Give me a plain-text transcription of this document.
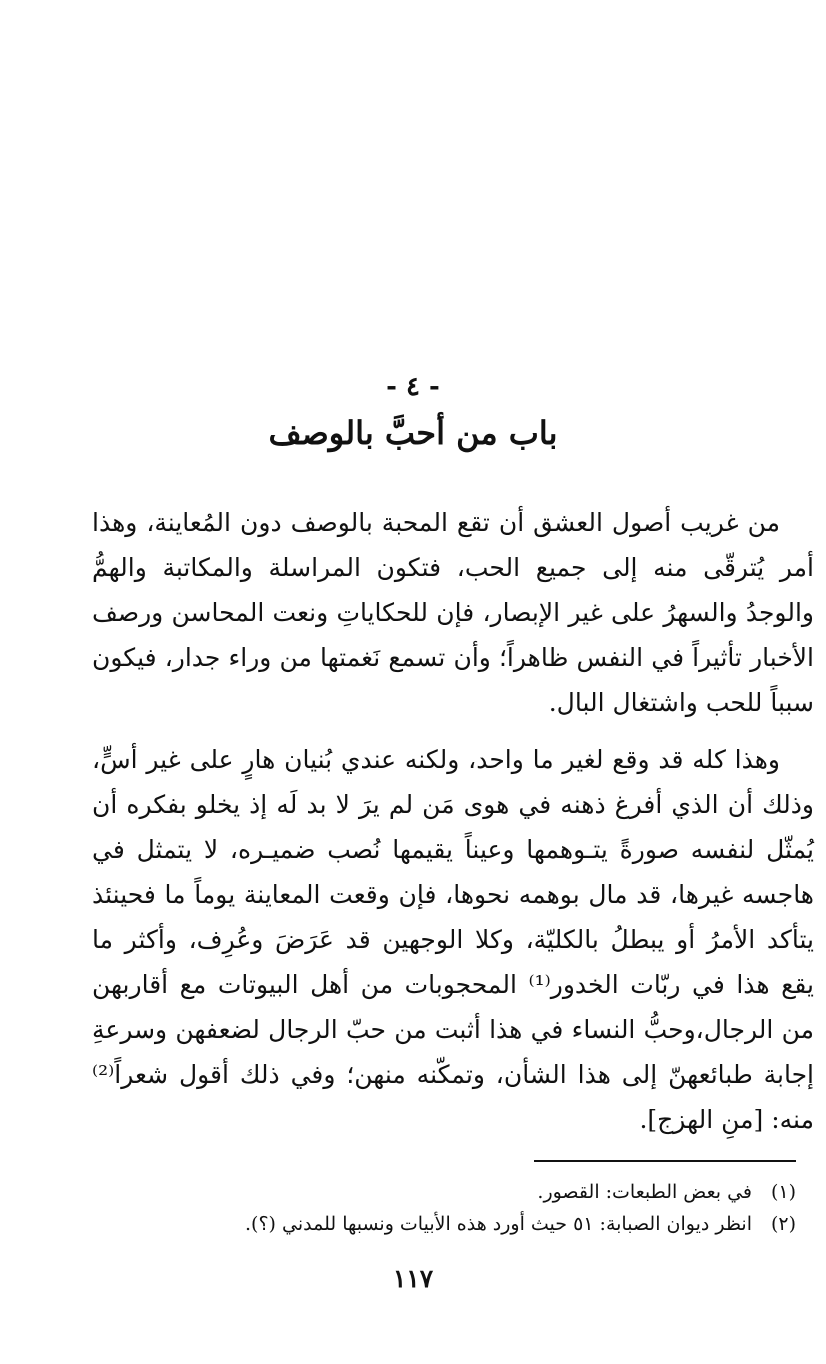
- ٤ -
باب من أحبَّ بالوصف

من غريب أصول العشق أن تقع المحبة بالوصف دون المُعاينة، وهذا أمر يُترقّى منه إلى جميع الحب، فتكون المراسلة والمكاتبة والهمُّ والوجدُ والسهرُ على غير الإبصار، فإن للحكاياتِ ونعت المحاسن ورصف الأخبار تأثيراً في النفس ظاهراً؛ وأن تسمع نَغمتها من وراء جدار، فيكون سبباً للحب واشتغال البال.

وهذا كله قد وقع لغير ما واحد، ولكنه عندي بُنيان هارٍ على غير أسٍّ، وذلك أن الذي أفرغ ذهنه في هوى مَن لم يرَ لا بد لَه إذ يخلو بفكره أن يُمثّل لنفسه صورةً يتـوهمها وعيناً يقيمها نُصب ضميـره، لا يتمثل في هاجسه غيرها، قد مال بوهمه نحوها، فإن وقعت المعاينة يوماً ما فحينئذ يتأكد الأمرُ أو يبطلُ بالكليّة، وكلا الوجهين قد عَرَضَ وعُرِف، وأكثر ما يقع هذا في ربّات الخدور⁽¹⁾ المحجوبات من أهل البيوتات مع أقاربهن من الرجال،وحبُّ النساء في هذا أثبت من حبّ الرجال لضعفهن وسرعةِ إجابة طبائعهنّ إلى هذا الشأن، وتمكّنه منهن؛ وفي ذلك أقول شعراً⁽²⁾ منه: [منِ الهزج].

(١)
في بعض الطبعات: القصور.
(٢)
انظر ديوان الصبابة: ٥١ حيث أورد هذه الأبيات ونسبها للمدني (؟).
١١٧
